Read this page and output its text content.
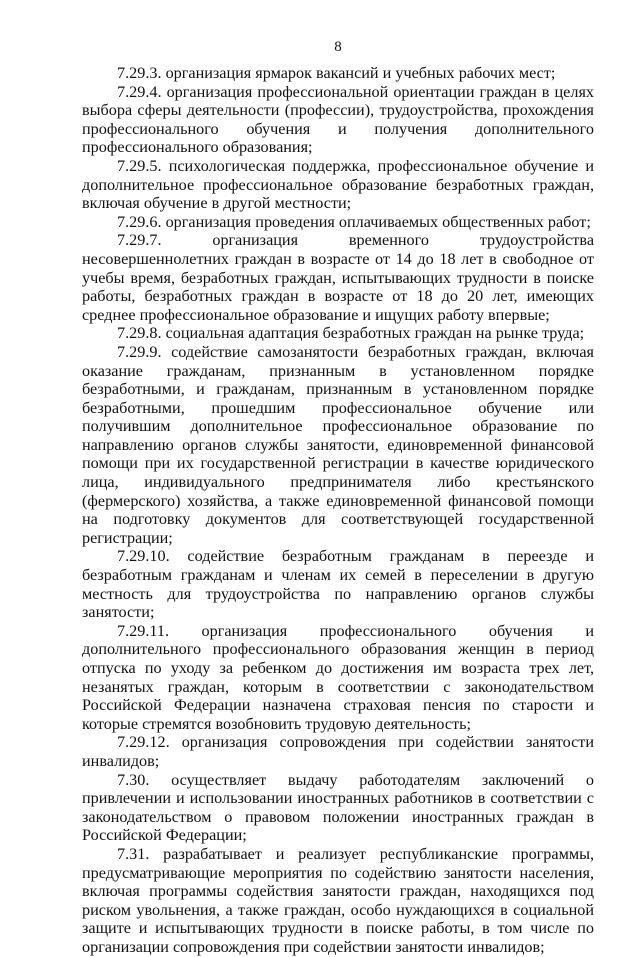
8

7.29.3. организация ярмарок вакансий и учебных рабочих мест;

7.29.4. организация профессиональной ориентации граждан в целях выбора сферы деятельности (профессии), трудоустройства, прохождения профессионального обучения и получения дополнительного профессионального образования;

7.29.5. психологическая поддержка, профессиональное обучение и дополнительное профессиональное образование безработных граждан, включая обучение в другой местности;

7.29.6. организация проведения оплачиваемых общественных работ;

7.29.7. организация временного трудоустройства несовершеннолетних граждан в возрасте от 14 до 18 лет в свободное от учебы время, безработных граждан, испытывающих трудности в поиске работы, безработных граждан в возрасте от 18 до 20 лет, имеющих среднее профессиональное образование и ищущих работу впервые;

7.29.8. социальная адаптация безработных граждан на рынке труда;

7.29.9. содействие самозанятости безработных граждан, включая оказание гражданам, признанным в установленном порядке безработными, и гражданам, признанным в установленном порядке безработными, прошедшим профессиональное обучение или получившим дополнительное профессиональное образование по направлению органов службы занятости, единовременной финансовой помощи при их государственной регистрации в качестве юридического лица, индивидуального предпринимателя либо крестьянского (фермерского) хозяйства, а также единовременной финансовой помощи на подготовку документов для соответствующей государственной регистрации;

7.29.10. содействие безработным гражданам в переезде и безработным гражданам и членам их семей в переселении в другую местность для трудоустройства по направлению органов службы занятости;

7.29.11. организация профессионального обучения и дополнительного профессионального образования женщин в период отпуска по уходу за ребенком до достижения им возраста трех лет, незанятых граждан, которым в соответствии с законодательством Российской Федерации назначена страховая пенсия по старости и которые стремятся возобновить трудовую деятельность;

7.29.12. организация сопровождения при содействии занятости инвалидов;

7.30. осуществляет выдачу работодателям заключений о привлечении и использовании иностранных работников в соответствии с законодательством о правовом положении иностранных граждан в Российской Федерации;

7.31. разрабатывает и реализует республиканские программы, предусматривающие мероприятия по содействию занятости населения, включая программы содействия занятости граждан, находящихся под риском увольнения, а также граждан, особо нуждающихся в социальной защите и испытывающих трудности в поиске работы, в том числе по организации сопровождения при содействии занятости инвалидов;
